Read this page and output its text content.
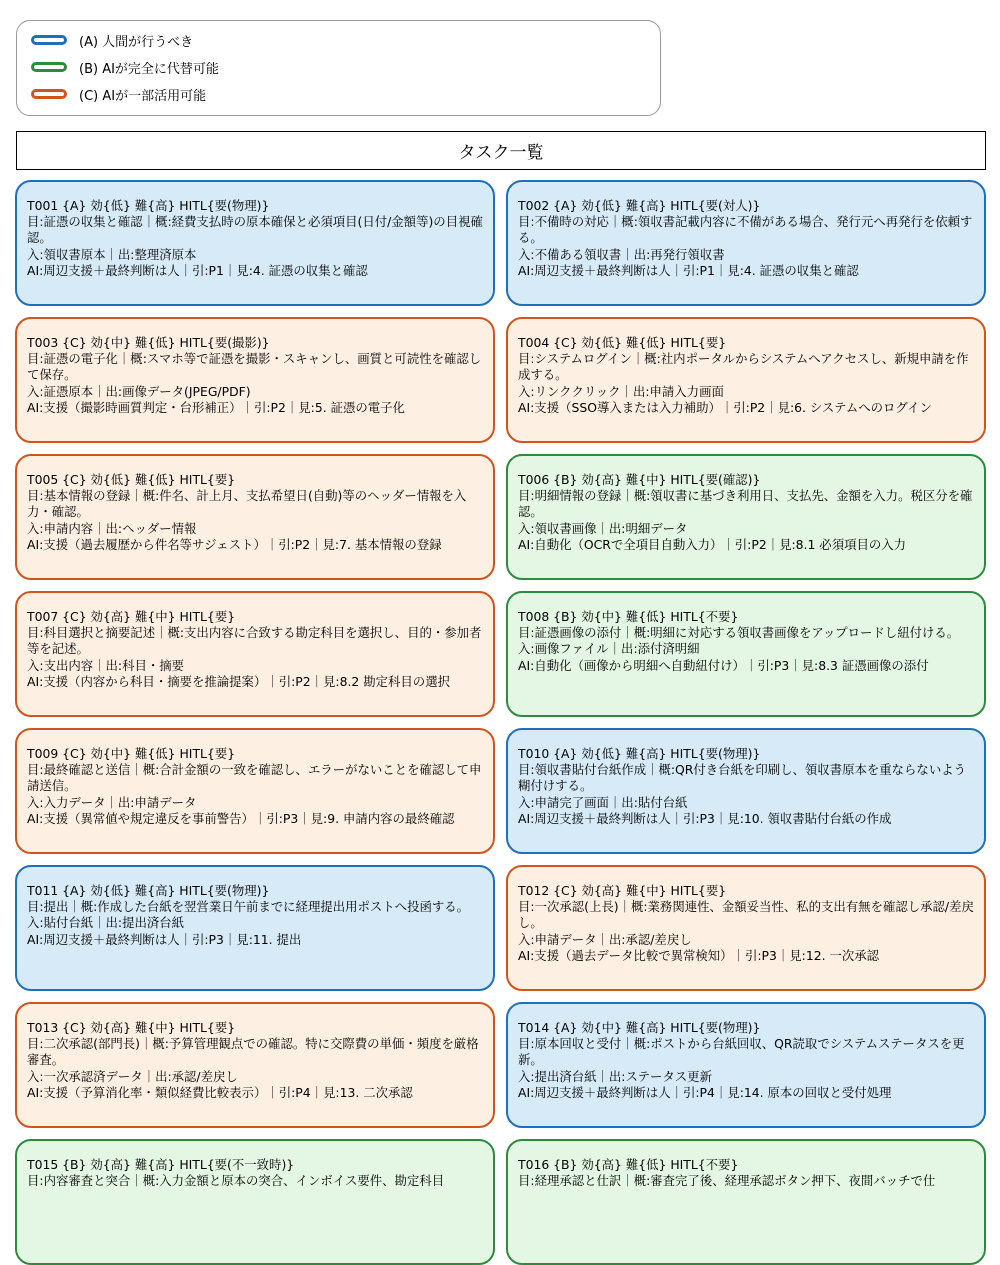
(A) 人間が行うべき
(B) AIが完全に代替可能
(C) AIが一部活用可能
タスク一覧
T001 {A} 効{低} 難{高} HITL{要(物理)}
目:証憑の収集と確認｜概:経費支払時の原本確保と必須項目(日付/金額等)の目視確認。
入:領収書原本｜出:整理済原本
AI:周辺支援＋最終判断は人｜引:P1｜見:4. 証憑の収集と確認
T002 {A} 効{低} 難{高} HITL{要(対人)}
目:不備時の対応｜概:領収書記載内容に不備がある場合、発行元へ再発行を依頼する。
入:不備ある領収書｜出:再発行領収書
AI:周辺支援＋最終判断は人｜引:P1｜見:4. 証憑の収集と確認
T003 {C} 効{中} 難{低} HITL{要(撮影)}
目:証憑の電子化｜概:スマホ等で証憑を撮影・スキャンし、画質と可読性を確認して保存。
入:証憑原本｜出:画像データ(JPEG/PDF)
AI:支援（撮影時画質判定・台形補正）｜引:P2｜見:5. 証憑の電子化
T004 {C} 効{低} 難{低} HITL{要}
目:システムログイン｜概:社内ポータルからシステムへアクセスし、新規申請を作成する。
入:リンククリック｜出:申請入力画面
AI:支援（SSO導入または入力補助）｜引:P2｜見:6. システムへのログイン
T005 {C} 効{低} 難{低} HITL{要}
目:基本情報の登録｜概:件名、計上月、支払希望日(自動)等のヘッダー情報を入力・確認。
入:申請内容｜出:ヘッダー情報
AI:支援（過去履歴から件名等サジェスト）｜引:P2｜見:7. 基本情報の登録
T006 {B} 効{高} 難{中} HITL{要(確認)}
目:明細情報の登録｜概:領収書に基づき利用日、支払先、金額を入力。税区分を確認。
入:領収書画像｜出:明細データ
AI:自動化（OCRで全項目自動入力）｜引:P2｜見:8.1 必須項目の入力
T007 {C} 効{高} 難{中} HITL{要}
目:科目選択と摘要記述｜概:支出内容に合致する勘定科目を選択し、目的・参加者等を記述。
入:支出内容｜出:科目・摘要
AI:支援（内容から科目・摘要を推論提案）｜引:P2｜見:8.2 勘定科目の選択
T008 {B} 効{中} 難{低} HITL{不要}
目:証憑画像の添付｜概:明細に対応する領収書画像をアップロードし紐付ける。
入:画像ファイル｜出:添付済明細
AI:自動化（画像から明細へ自動紐付け）｜引:P3｜見:8.3 証憑画像の添付
T009 {C} 効{中} 難{低} HITL{要}
目:最終確認と送信｜概:合計金額の一致を確認し、エラーがないことを確認して申請送信。
入:入力データ｜出:申請データ
AI:支援（異常値や規定違反を事前警告）｜引:P3｜見:9. 申請内容の最終確認
T010 {A} 効{低} 難{高} HITL{要(物理)}
目:領収書貼付台紙作成｜概:QR付き台紙を印刷し、領収書原本を重ならないよう糊付けする。
入:申請完了画面｜出:貼付台紙
AI:周辺支援＋最終判断は人｜引:P3｜見:10. 領収書貼付台紙の作成
T011 {A} 効{低} 難{高} HITL{要(物理)}
目:提出｜概:作成した台紙を翌営業日午前までに経理提出用ポストへ投函する。
入:貼付台紙｜出:提出済台紙
AI:周辺支援＋最終判断は人｜引:P3｜見:11. 提出
T012 {C} 効{高} 難{中} HITL{要}
目:一次承認(上長)｜概:業務関連性、金額妥当性、私的支出有無を確認し承認/差戻し。
入:申請データ｜出:承認/差戻し
AI:支援（過去データ比較で異常検知）｜引:P3｜見:12. 一次承認
T013 {C} 効{高} 難{中} HITL{要}
目:二次承認(部門長)｜概:予算管理観点での確認。特に交際費の単価・頻度を厳格審査。
入:一次承認済データ｜出:承認/差戻し
AI:支援（予算消化率・類似経費比較表示）｜引:P4｜見:13. 二次承認
T014 {A} 効{中} 難{高} HITL{要(物理)}
目:原本回収と受付｜概:ポストから台紙回収、QR読取でシステムステータスを更新。
入:提出済台紙｜出:ステータス更新
AI:周辺支援＋最終判断は人｜引:P4｜見:14. 原本の回収と受付処理
T015 {B} 効{高} 難{高} HITL{要(不一致時)}
目:内容審査と突合｜概:入力金額と原本の突合、インボイス要件、勘定科目
T016 {B} 効{高} 難{低} HITL{不要}
目:経理承認と仕訳｜概:審査完了後、経理承認ボタン押下、夜間バッチで仕
